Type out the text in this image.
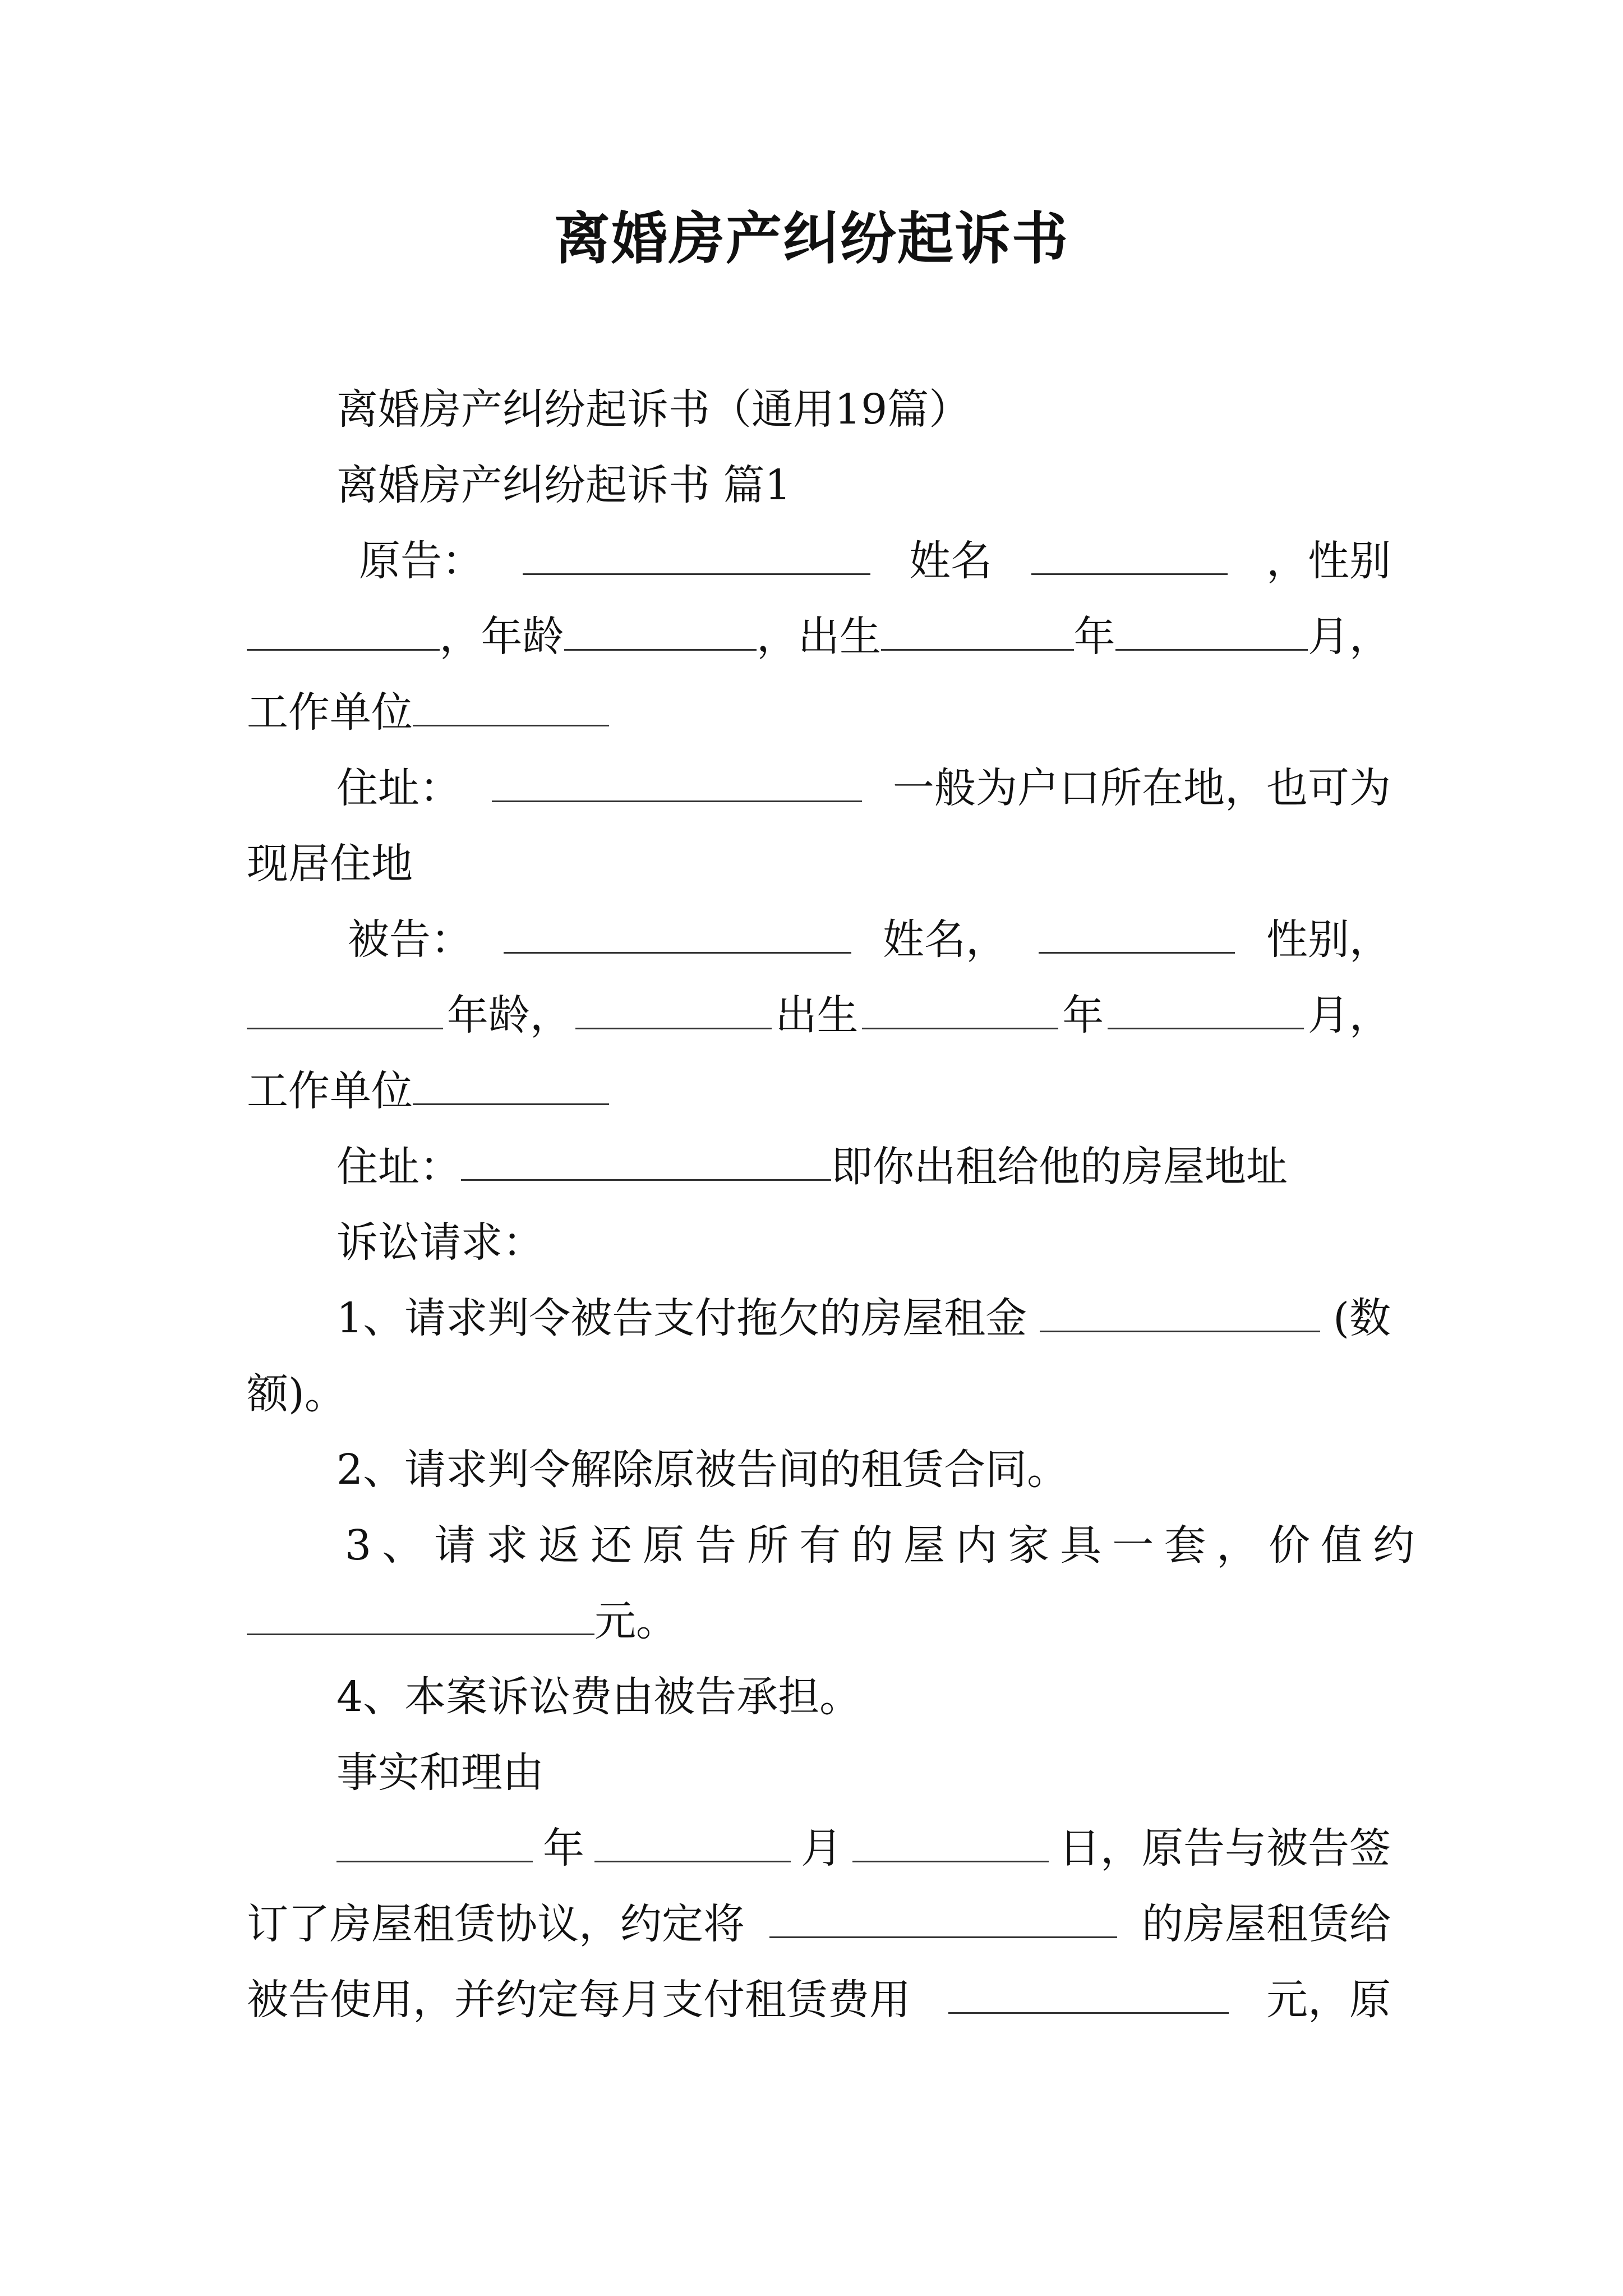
离婚房产纠纷起诉书
离婚房产纠纷起诉书（通用19篇）
离婚房产纠纷起诉书 篇1
原告：	姓名	，性别
，年龄	，出生	年	月，
工作单位
住址：	一般为户口所在地，也可为
现居住地
被告：	姓名，	性别，
年龄，	出生	年	月，
工作单位
住址：	即你出租给他的房屋地址
诉讼请求：
1、请求判令被告支付拖欠的房屋租金	(数
额)。
2、请求判令解除原被告间的租赁合同。
3、请求返还原告所有的屋内家具一套，价值约
元。
4、本案诉讼费由被告承担。
事实和理由
年	月	日，原告与被告签
订了房屋租赁协议，约定将	的房屋租赁给
被告使用，并约定每月支付租赁费用	元，原
